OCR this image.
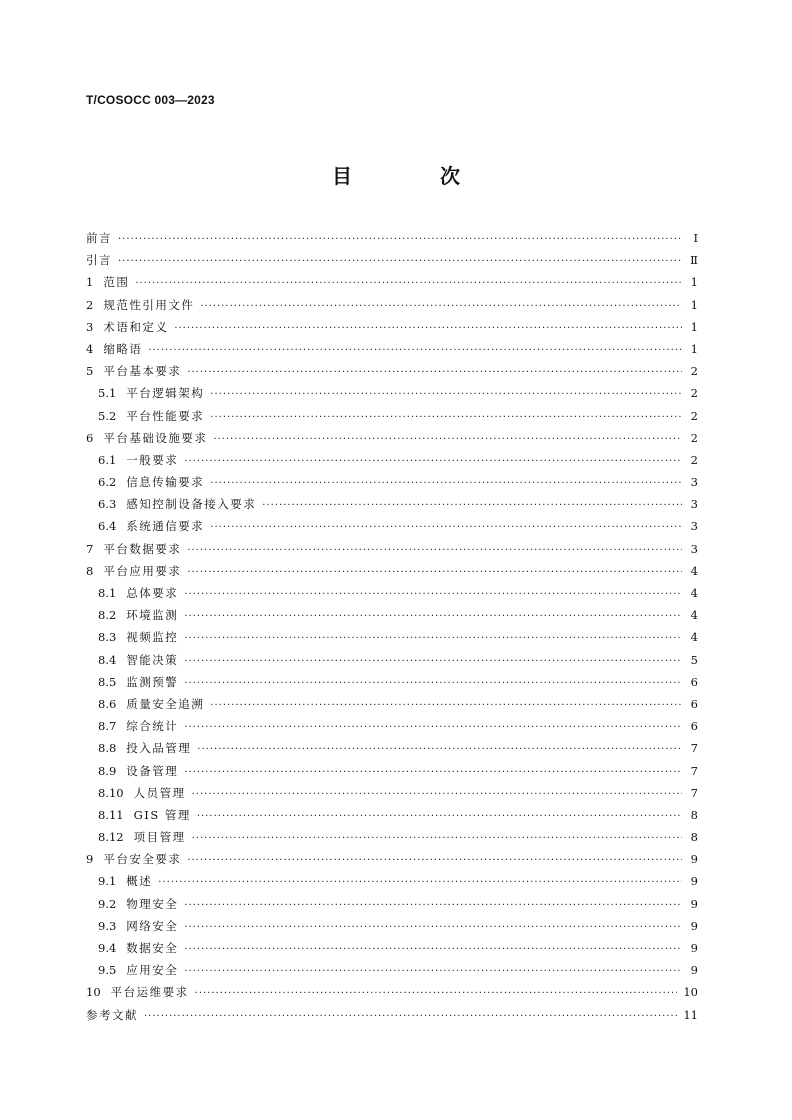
T/COSOCC 003—2023
目　次
前言 ·····	Ⅰ
引言 ·····	Ⅱ
1 范围 ·····	1
2 规范性引用文件 ·····	1
3 术语和定义 ·····	1
4 缩略语 ·····	1
5 平台基本要求 ·····	2
5.1 平台逻辑架构 ·····	2
5.2 平台性能要求 ·····	2
6 平台基础设施要求 ·····	2
6.1 一般要求 ·····	2
6.2 信息传输要求 ·····	3
6.3 感知控制设备接入要求 ·····	3
6.4 系统通信要求 ·····	3
7 平台数据要求 ·····	3
8 平台应用要求 ·····	4
8.1 总体要求 ·····	4
8.2 环境监测 ·····	4
8.3 视频监控 ·····	4
8.4 智能决策 ·····	5
8.5 监测预警 ·····	6
8.6 质量安全追溯 ·····	6
8.7 综合统计 ·····	6
8.8 投入品管理 ·····	7
8.9 设备管理 ·····	7
8.10 人员管理 ·····	7
8.11 GIS 管理 ·····	8
8.12 项目管理 ·····	8
9 平台安全要求 ·····	9
9.1 概述 ·····	9
9.2 物理安全 ·····	9
9.3 网络安全 ·····	9
9.4 数据安全 ·····	9
9.5 应用安全 ·····	9
10 平台运维要求 ·····	10
参考文献 ·····	11
